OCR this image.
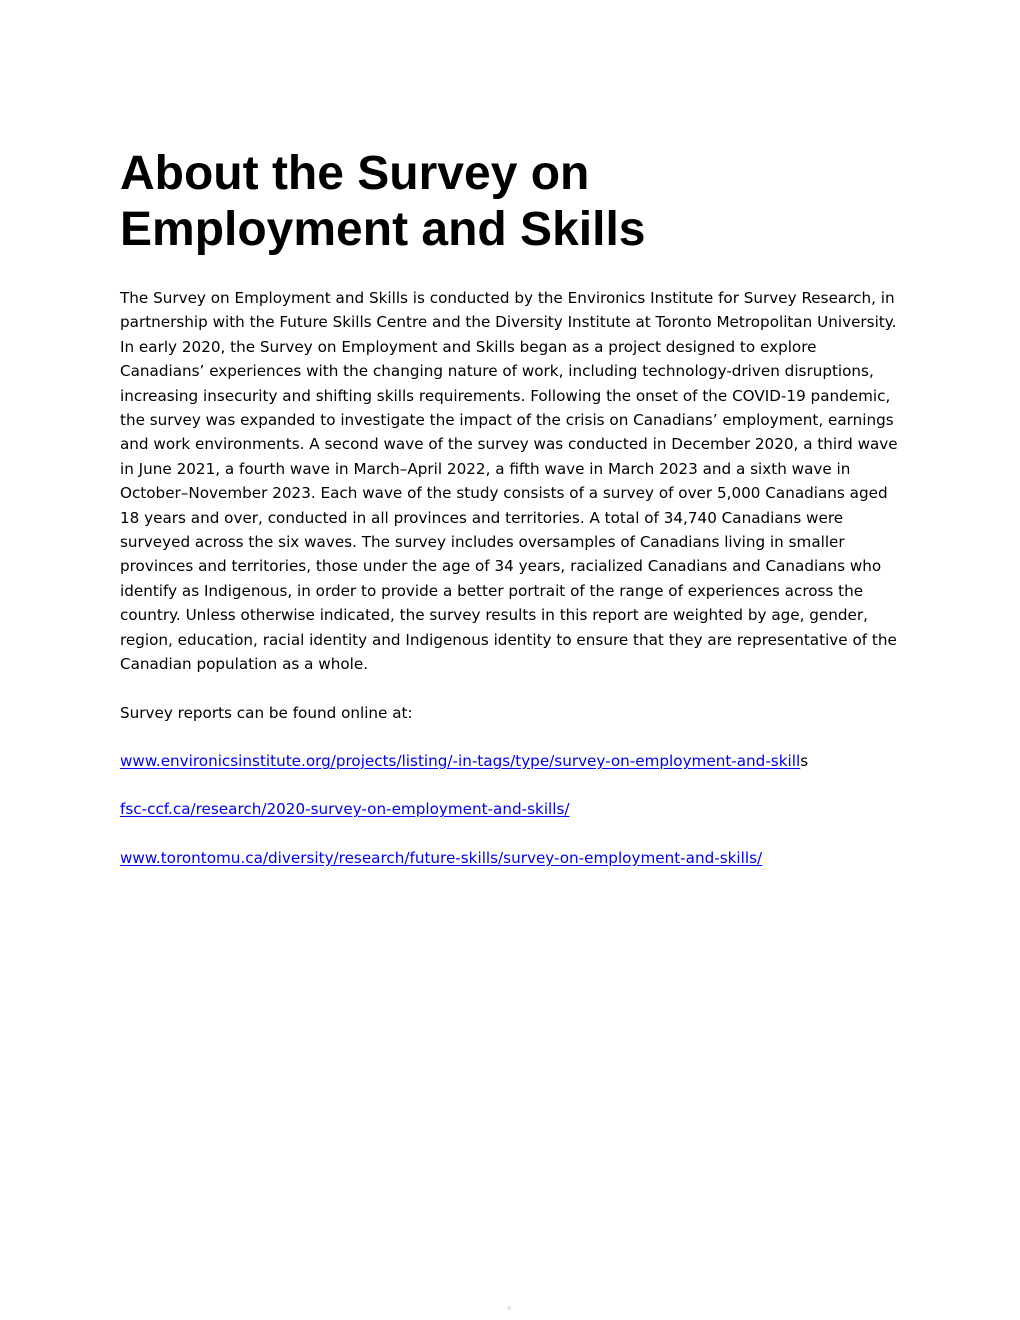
About the Survey on
Employment and Skills

The Survey on Employment and Skills is conducted by the Environics Institute for Survey Research, in partnership with the Future Skills Centre and the Diversity Institute at Toronto Metropolitan University. In early 2020, the Survey on Employment and Skills began as a project designed to explore Canadians’ experiences with the changing nature of work, including technology-driven disruptions, increasing insecurity and shifting skills requirements. Following the onset of the COVID-19 pandemic, the survey was expanded to investigate the impact of the crisis on Canadians’ employment, earnings and work environments. A second wave of the survey was conducted in December 2020, a third wave in June 2021, a fourth wave in March–April 2022, a fifth wave in March 2023 and a sixth wave in October–November 2023. Each wave of the study consists of a survey of over 5,000 Canadians aged 18 years and over, conducted in all provinces and territories. A total of 34,740 Canadians were surveyed across the six waves. The survey includes oversamples of Canadians living in smaller provinces and territories, those under the age of 34 years, racialized Canadians and Canadians who identify as Indigenous, in order to provide a better portrait of the range of experiences across the country. Unless otherwise indicated, the survey results in this report are weighted by age, gender, region, education, racial identity and Indigenous identity to ensure that they are representative of the Canadian population as a whole.

Survey reports can be found online at:

www.environicsinstitute.org/projects/listing/-in-tags/type/survey-on-employment-and-skills

fsc-ccf.ca/research/2020-survey-on-employment-and-skills/

www.torontomu.ca/diversity/research/future-skills/survey-on-employment-and-skills/
